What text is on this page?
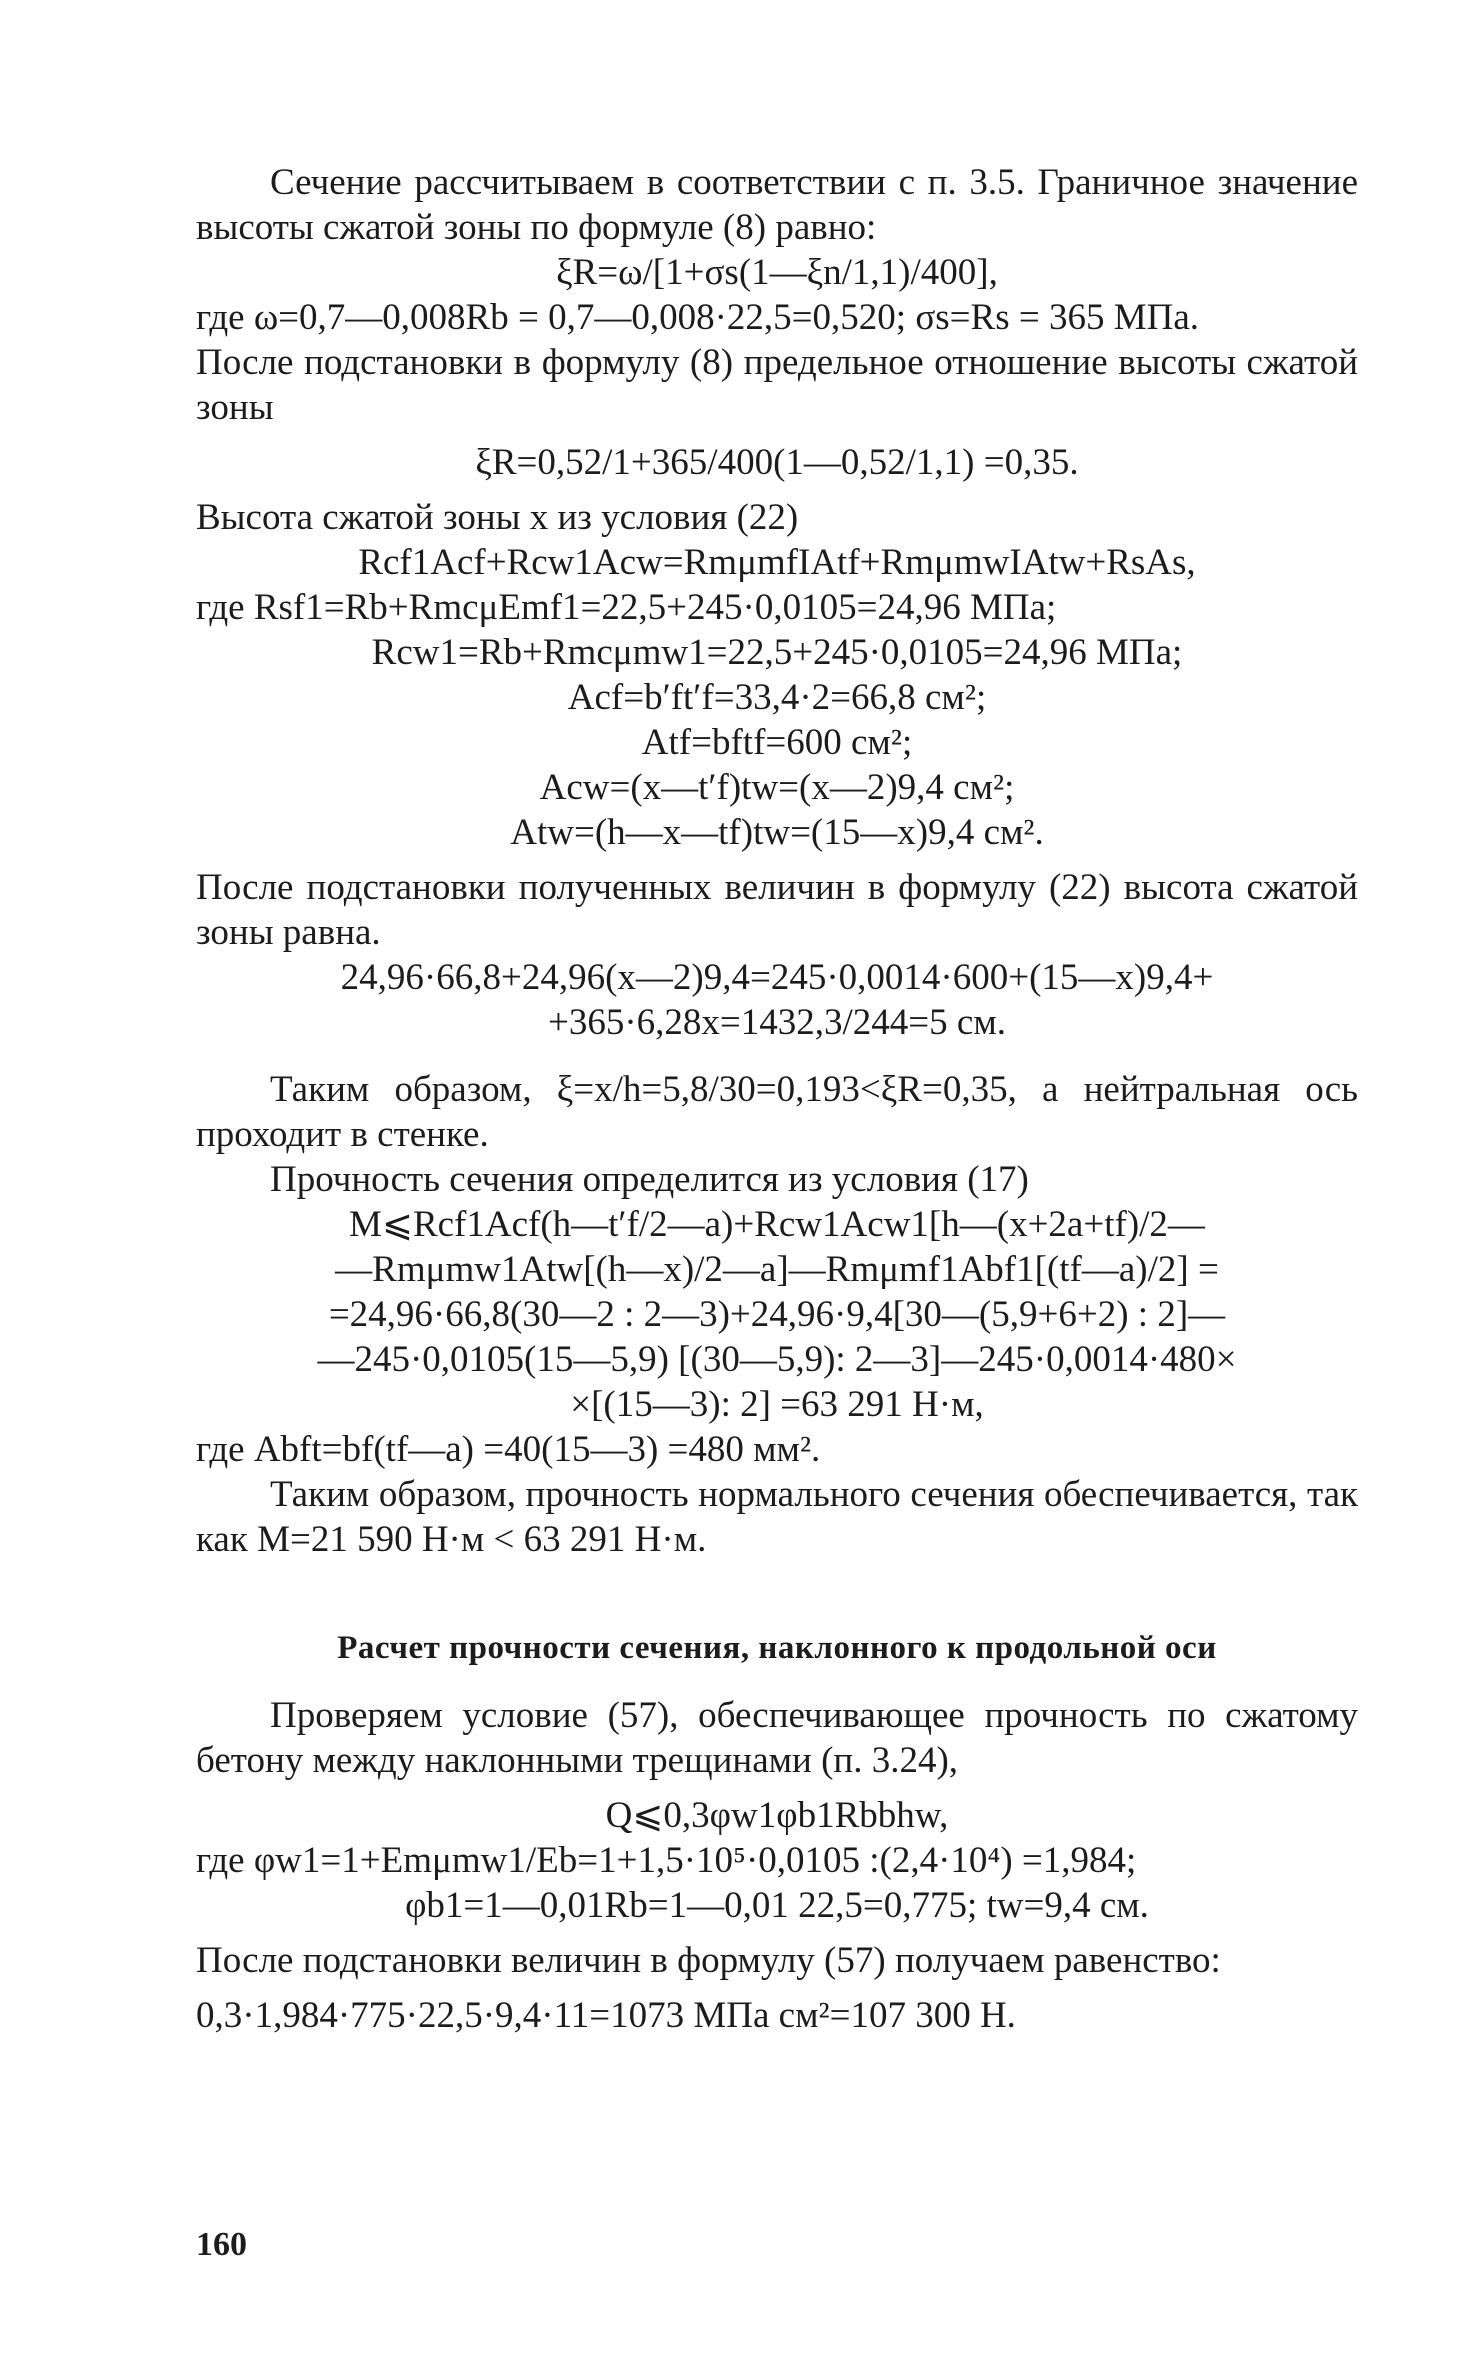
Сечение рассчитываем в соответствии с п. 3.5. Граничное значение высоты сжатой зоны по формуле (8) равно:

ξR=ω/[1+σs(1—ξn/1,1)/400],

где ω=0,7—0,008Rb = 0,7—0,008·22,5=0,520; σs=Rs = 365 МПа.

После подстановки в формулу (8) предельное отношение высоты сжатой зоны

ξR=0,52/1+365/400(1—0,52/1,1) =0,35.

Высота сжатой зоны x из условия (22)

Rcf1Acf+Rcw1Acw=RmμmfIAtf+RmμmwIAtw+RsAs,

где Rsf1=Rb+RmcμEmf1=22,5+245·0,0105=24,96 МПа;

Rcw1=Rb+Rmcμmw1=22,5+245·0,0105=24,96 МПа;

Acf=b′ft′f=33,4·2=66,8 см²;

Atf=bftf=600 см²;

Acw=(x—t′f)tw=(x—2)9,4 см²;

Atw=(h—x—tf)tw=(15—x)9,4 см².

После подстановки полученных величин в формулу (22) высота сжатой зоны равна.

24,96·66,8+24,96(x—2)9,4=245·0,0014·600+(15—x)9,4+

+365·6,28x=1432,3/244=5 см.

Таким образом, ξ=x/h=5,8/30=0,193<ξR=0,35, а нейтральная ось проходит в стенке.

Прочность сечения определится из условия (17)

M⩽Rcf1Acf(h—t′f/2—a)+Rcw1Acw1[h—(x+2a+tf)/2—

—Rmμmw1Atw[(h—x)/2—a]—Rmμmf1Abf1[(tf—a)/2] =

=24,96·66,8(30—2 : 2—3)+24,96·9,4[30—(5,9+6+2) : 2]—

—245·0,0105(15—5,9) [(30—5,9): 2—3]—245·0,0014·480×

×[(15—3): 2] =63 291 Н·м,

где Abft=bf(tf—a) =40(15—3) =480 мм².

Таким образом, прочность нормального сечения обеспечивается, так как M=21 590 Н·м < 63 291 Н·м.

Расчет прочности сечения, наклонного к продольной оси

Проверяем условие (57), обеспечивающее прочность по сжатому бетону между наклонными трещинами (п. 3.24),

Q⩽0,3φw1φb1Rbbhw,

где φw1=1+Emμmw1/Eb=1+1,5·10⁵·0,0105 :(2,4·10⁴) =1,984;

φb1=1—0,01Rb=1—0,01 22,5=0,775; tw=9,4 см.

После подстановки величин в формулу (57) получаем равенство:

0,3·1,984·775·22,5·9,4·11=1073 МПа см²=107 300 Н.

160
